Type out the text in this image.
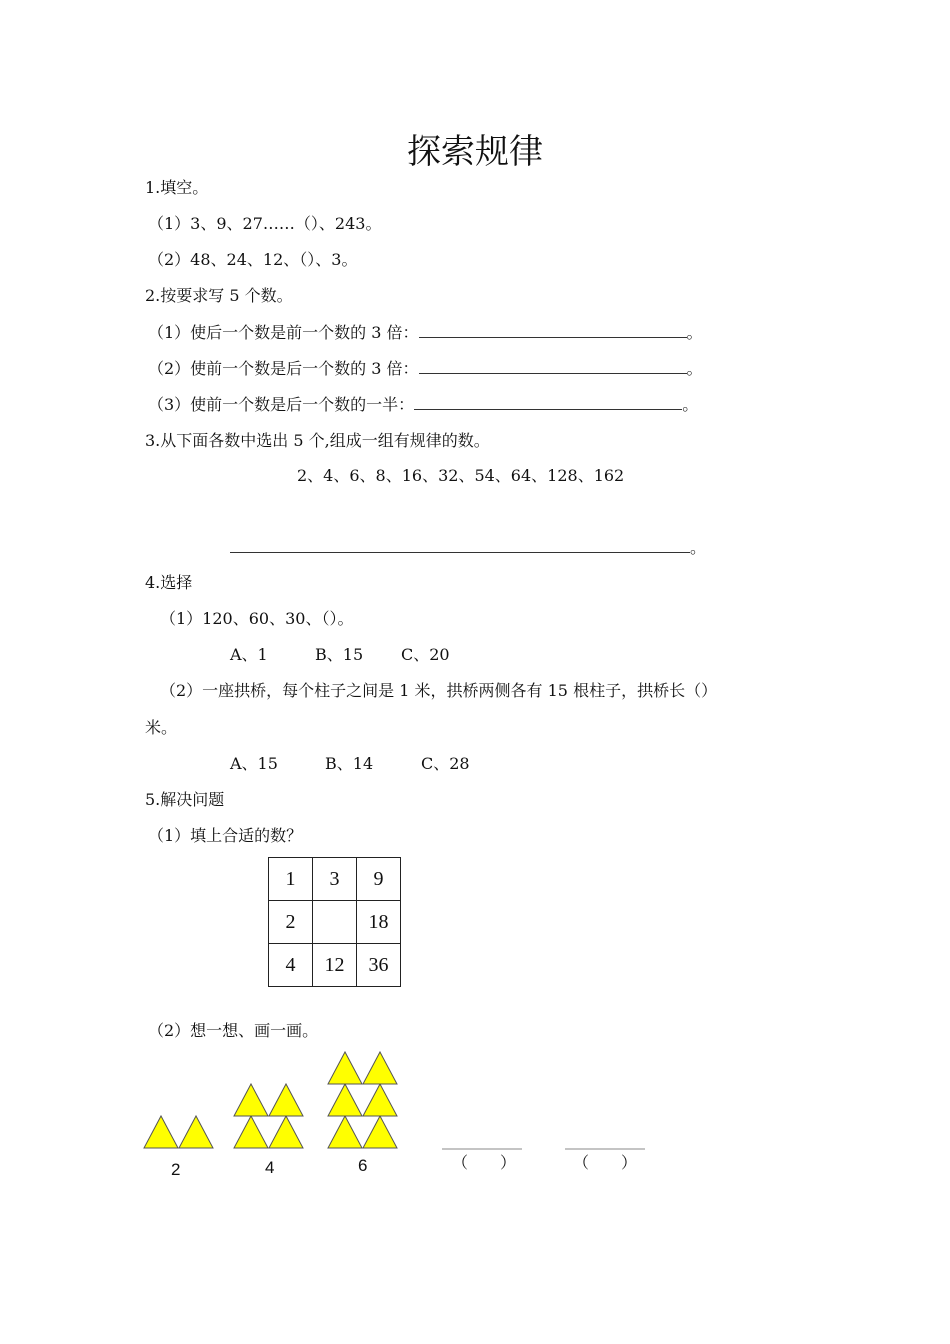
探索规律
1.填空。
（1）3、9、27……（）、243。
（2）48、24、12、（）、3。
2.按要求写 5 个数。
（1）使后一个数是前一个数的 3 倍：	。
（2）使前一个数是后一个数的 3 倍：	。
（3）使前一个数是后一个数的一半：	。
3.从下面各数中选出 5 个,组成一组有规律的数。
2、4、6、8、16、32、54、64、128、162
。
4.选择
（1）120、60、30、（）。
A、1	B、15 C、20
（2）一座拱桥，每个柱子之间是 1 米，拱桥两侧各有 15 根柱子，拱桥长（）
米。
A、15	B、14	C、28
5.解决问题
（1）填上合适的数？
1	3	9
2		18
4	12	36
（2）想一想、画一画。
2	4	6	（　　）	（　　）
